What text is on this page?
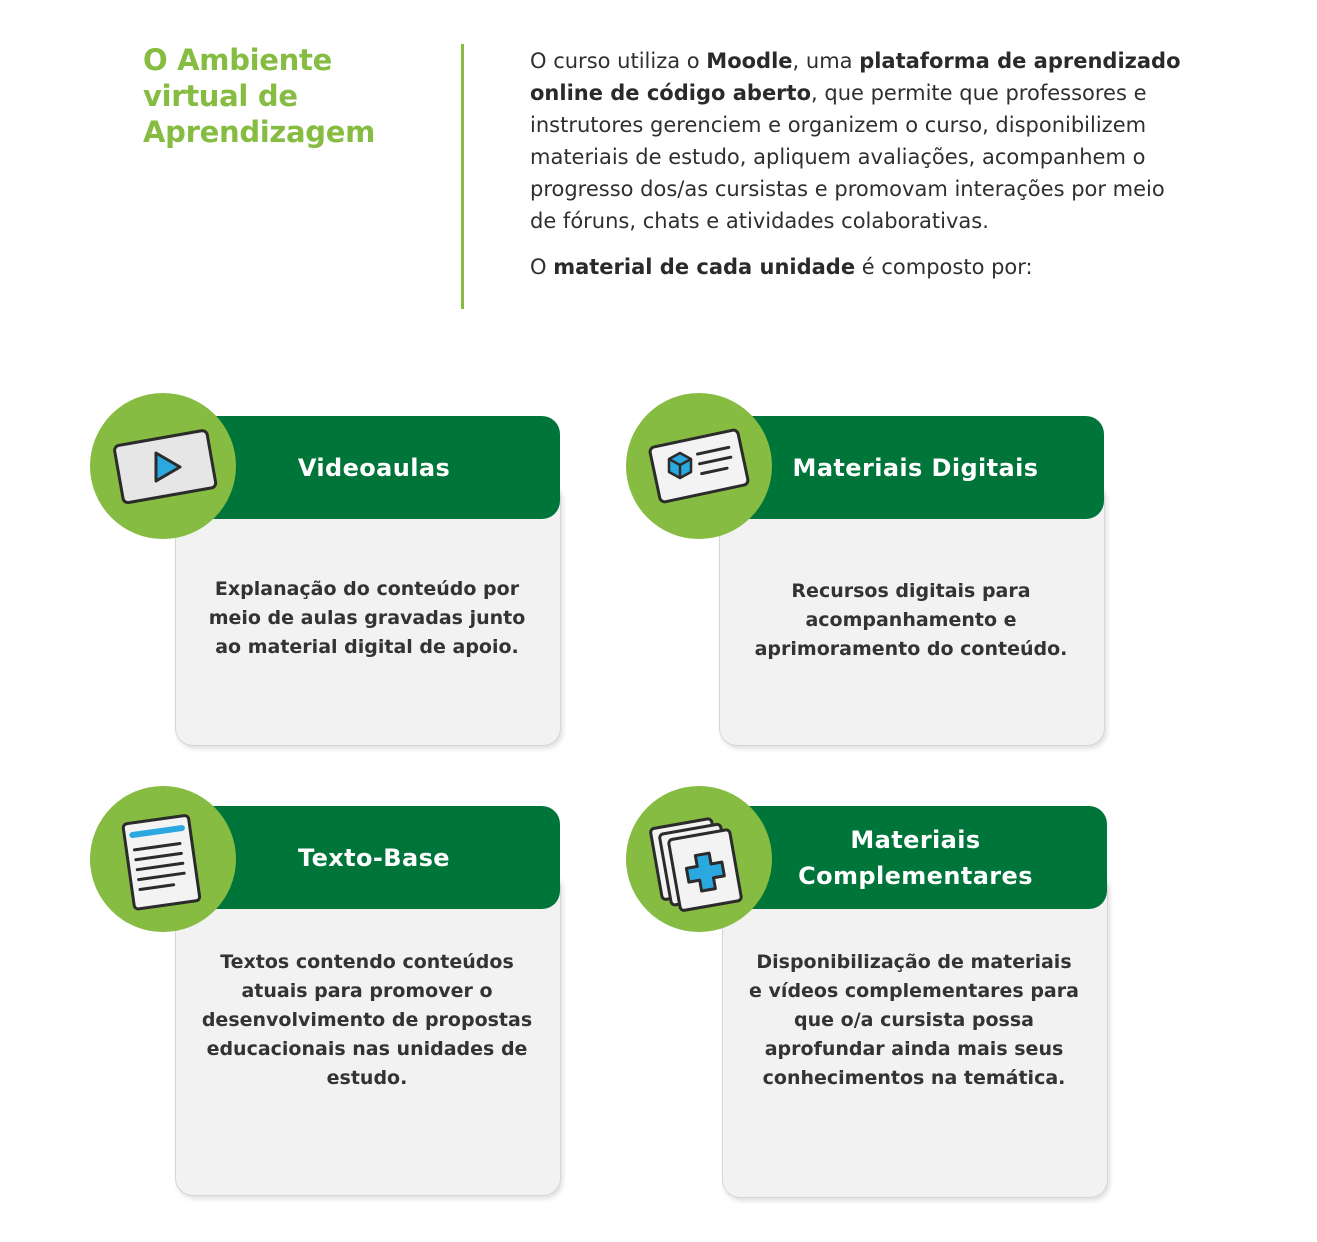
O Ambiente virtual de Aprendizagem

O curso utiliza o Moodle, uma plataforma de aprendizado online de código aberto, que permite que professores e instrutores gerenciem e organizem o curso, disponibilizem materiais de estudo, apliquem avaliações, acompanhem o progresso dos/as cursistas e promovam interações por meio de fóruns, chats e atividades colaborativas.

O material de cada unidade é composto por:

Videoaulas
Explanação do conteúdo por meio de aulas gravadas junto ao material digital de apoio.
Materiais Digitais
Recursos digitais para acompanhamento e aprimoramento do conteúdo.
Texto-Base
Textos contendo conteúdos atuais para promover o desenvolvimento de propostas educacionais nas unidades de estudo.
Materiais
Complementares
Disponibilização de materiais e vídeos complementares para que o/a cursista possa aprofundar ainda mais seus conhecimentos na temática.
